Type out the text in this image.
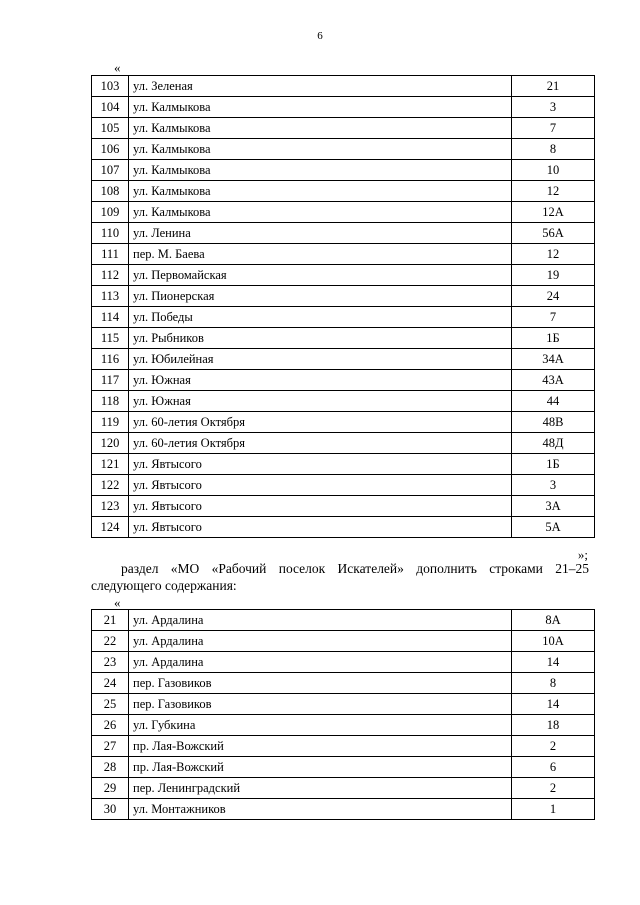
6
«
103	ул. Зеленая	21
104	ул. Калмыкова	3
105	ул. Калмыкова	7
106	ул. Калмыкова	8
107	ул. Калмыкова	10
108	ул. Калмыкова	12
109	ул. Калмыкова	12А
110	ул. Ленина	56А
111	пер. М. Баева	12
112	ул. Первомайская	19
113	ул. Пионерская	24
114	ул. Победы	7
115	ул. Рыбников	1Б
116	ул. Юбилейная	34А
117	ул. Южная	43А
118	ул. Южная	44
119	ул. 60-летия Октября	48В
120	ул. 60-летия Октября	48Д
121	ул. Явтысого	1Б
122	ул. Явтысого	3
123	ул. Явтысого	3А
124	ул. Явтысого	5А
»;
раздел «МО «Рабочий поселок Искателей» дополнить строками 21–25
следующего содержания:
«
21	ул. Ардалина	8А
22	ул. Ардалина	10А
23	ул. Ардалина	14
24	пер. Газовиков	8
25	пер. Газовиков	14
26	ул. Губкина	18
27	пр. Лая-Вожский	2
28	пр. Лая-Вожский	6
29	пер. Ленинградский	2
30	ул. Монтажников	1
